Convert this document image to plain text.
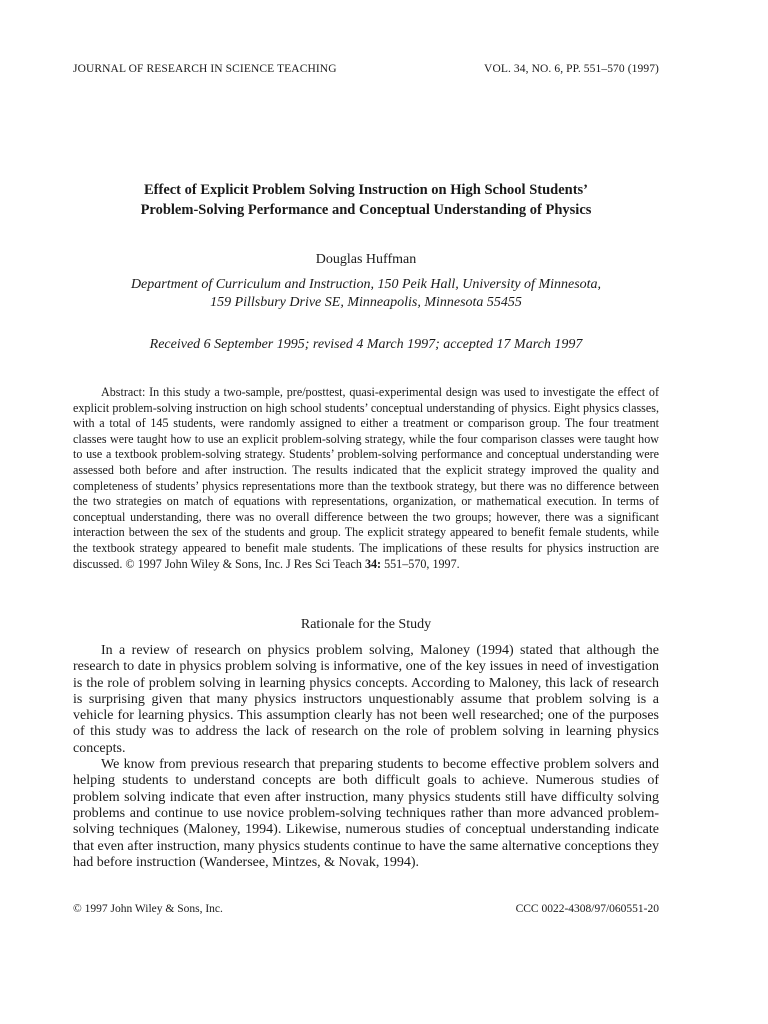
JOURNAL OF RESEARCH IN SCIENCE TEACHING	VOL. 34, NO. 6, PP. 551–570 (1997)
Effect of Explicit Problem Solving Instruction on High School Students’
Problem-Solving Performance and Conceptual Understanding of Physics
Douglas Huffman
Department of Curriculum and Instruction, 150 Peik Hall, University of Minnesota,
159 Pillsbury Drive SE, Minneapolis, Minnesota 55455
Received 6 September 1995; revised 4 March 1997; accepted 17 March 1997

Abstract: In this study a two-sample, pre/posttest, quasi-experimental design was used to investigate the effect of explicit problem-solving instruction on high school students’ conceptual understanding of physics. Eight physics classes, with a total of 145 students, were randomly assigned to either a treatment or comparison group. The four treatment classes were taught how to use an explicit problem-solving strategy, while the four comparison classes were taught how to use a textbook problem-solving strategy. Students’ problem-solving performance and conceptual understanding were assessed both before and after instruction. The results indicated that the explicit strategy improved the quality and completeness of students’ physics representations more than the textbook strategy, but there was no difference between the two strategies on match of equations with representations, organization, or mathematical execution. In terms of conceptual understanding, there was no overall difference between the two groups; however, there was a significant interaction between the sex of the students and group. The explicit strategy appeared to benefit female students, while the textbook strategy appeared to benefit male students. The implications of these results for physics instruction are discussed. © 1997 John Wiley & Sons, Inc. J Res Sci Teach 34: 551–570, 1997.

Rationale for the Study

In a review of research on physics problem solving, Maloney (1994) stated that although the research to date in physics problem solving is informative, one of the key issues in need of investigation is the role of problem solving in learning physics concepts. According to Maloney, this lack of research is surprising given that many physics instructors unquestionably assume that problem solving is a vehicle for learning physics. This assumption clearly has not been well researched; one of the purposes of this study was to address the lack of research on the role of problem solving in learning physics concepts.

We know from previous research that preparing students to become effective problem solvers and helping students to understand concepts are both difficult goals to achieve. Numerous studies of problem solving indicate that even after instruction, many physics students still have difficulty solving problems and continue to use novice problem-solving techniques rather than more advanced problem-solving techniques (Maloney, 1994). Likewise, numerous studies of conceptual understanding indicate that even after instruction, many physics students continue to have the same alternative conceptions they had before instruction (Wandersee, Mintzes, & Novak, 1994).

© 1997 John Wiley & Sons, Inc.	CCC 0022-4308/97/060551-20
